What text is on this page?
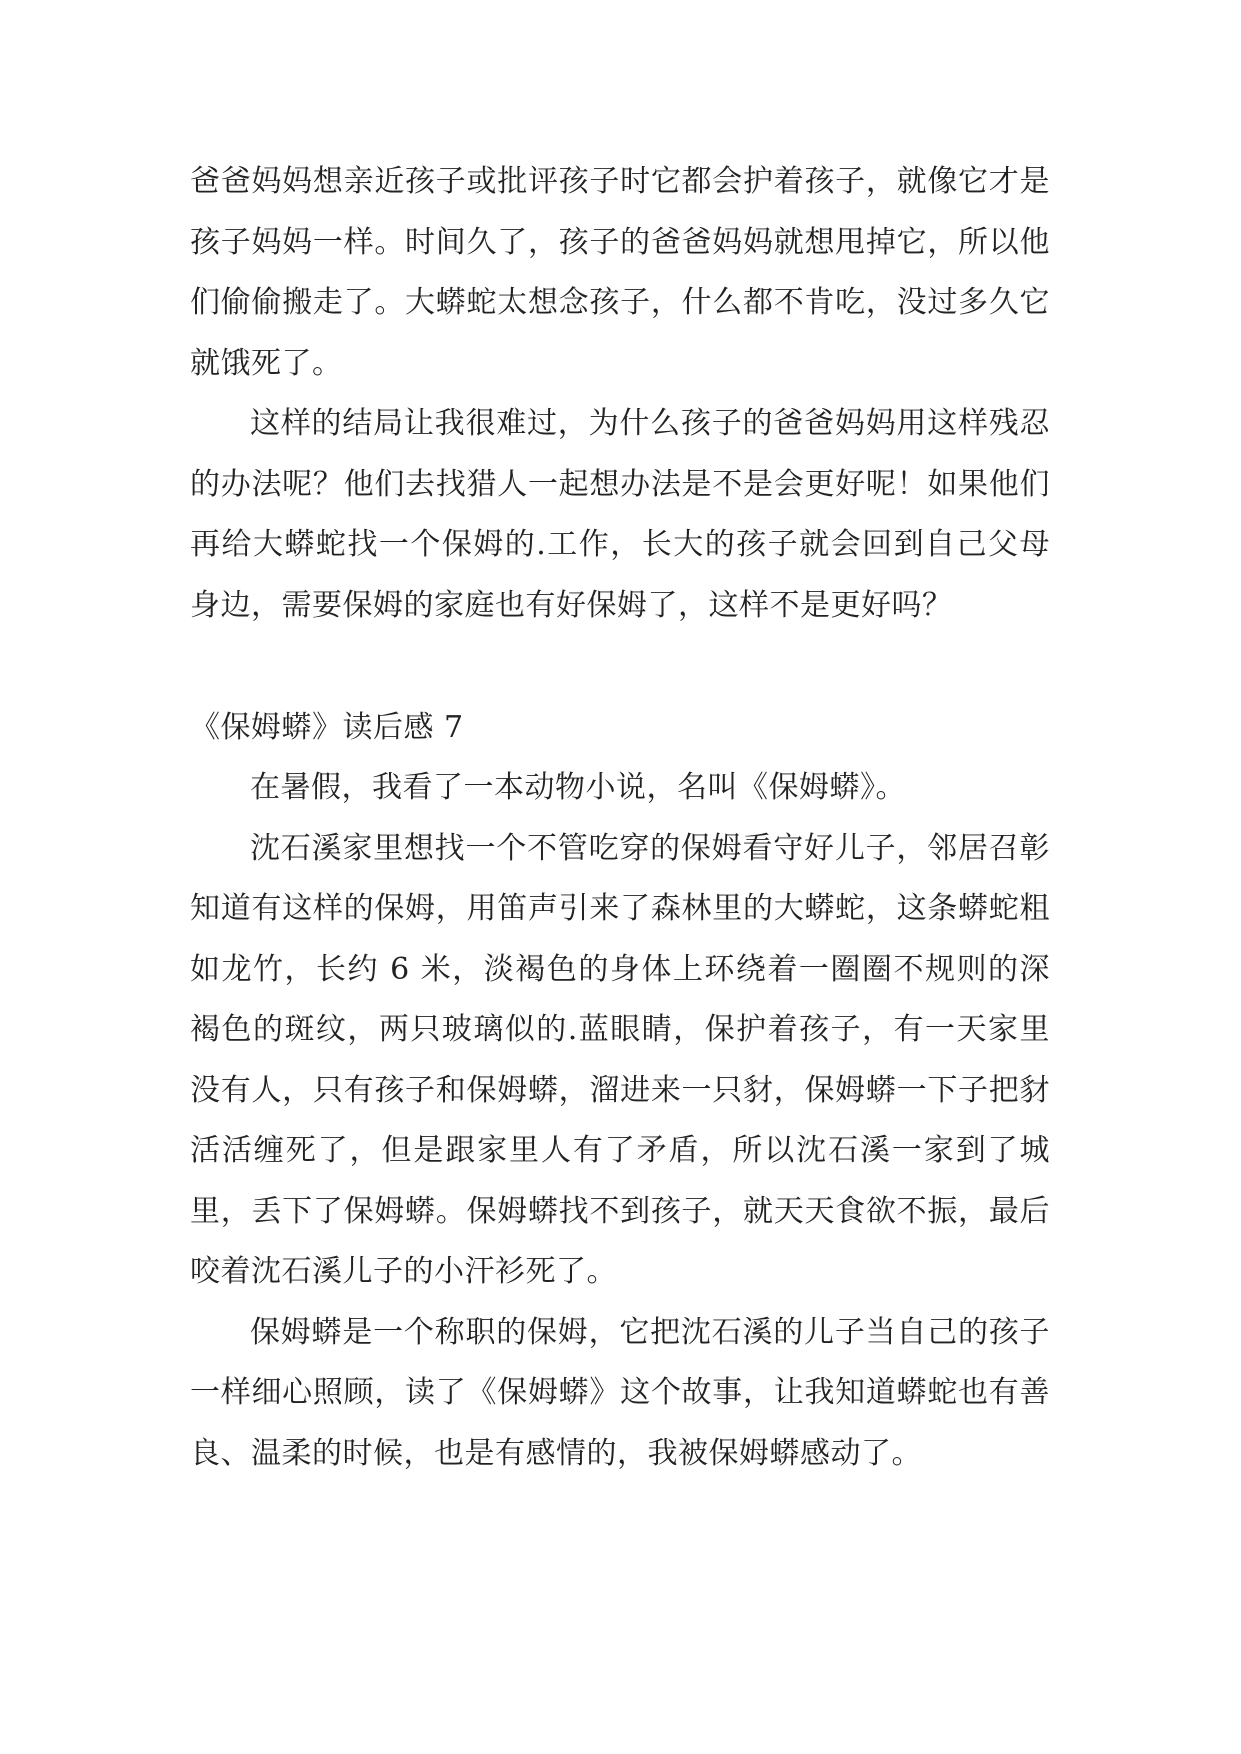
爸爸妈妈想亲近孩子或批评孩子时它都会护着孩子，就像它才是孩子妈妈一样。时间久了，孩子的爸爸妈妈就想甩掉它，所以他们偷偷搬走了。大蟒蛇太想念孩子，什么都不肯吃，没过多久它就饿死了。

这样的结局让我很难过，为什么孩子的爸爸妈妈用这样残忍的办法呢？他们去找猎人一起想办法是不是会更好呢！如果他们再给大蟒蛇找一个保姆的.工作，长大的孩子就会回到自己父母身边，需要保姆的家庭也有好保姆了，这样不是更好吗？

《保姆蟒》读后感 7

在暑假，我看了一本动物小说，名叫《保姆蟒》。

沈石溪家里想找一个不管吃穿的保姆看守好儿子，邻居召彰知道有这样的保姆，用笛声引来了森林里的大蟒蛇，这条蟒蛇粗如龙竹，长约 6 米，淡褐色的身体上环绕着一圈圈不规则的深褐色的斑纹，两只玻璃似的.蓝眼睛，保护着孩子，有一天家里没有人，只有孩子和保姆蟒，溜进来一只豺，保姆蟒一下子把豺活活缠死了，但是跟家里人有了矛盾，所以沈石溪一家到了城里，丢下了保姆蟒。保姆蟒找不到孩子，就天天食欲不振，最后咬着沈石溪儿子的小汗衫死了。

保姆蟒是一个称职的保姆，它把沈石溪的儿子当自己的孩子一样细心照顾，读了《保姆蟒》这个故事，让我知道蟒蛇也有善良、温柔的时候，也是有感情的，我被保姆蟒感动了。
